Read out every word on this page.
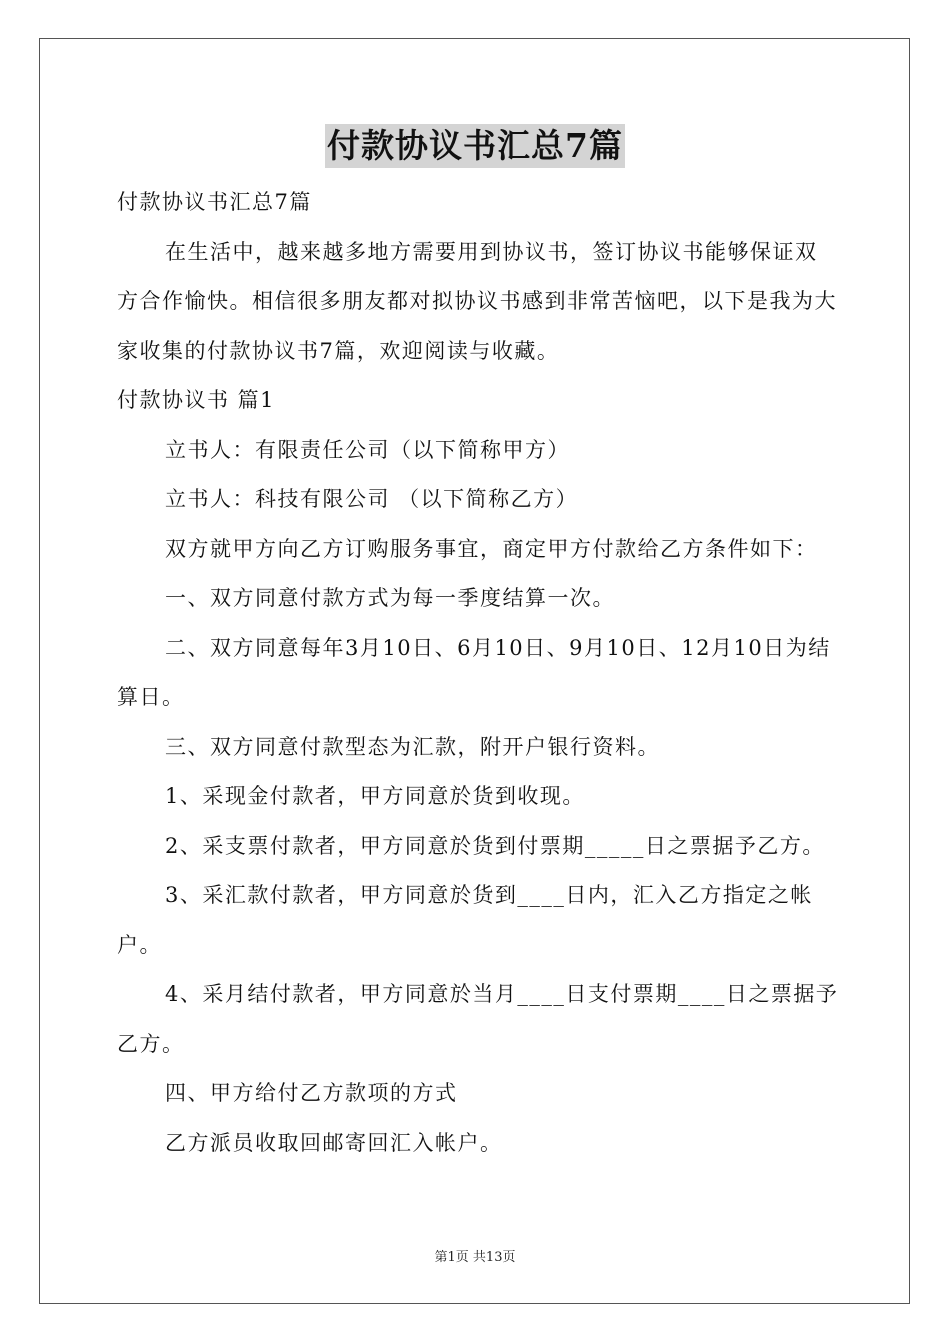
付款协议书汇总7篇

付款协议书汇总7篇

在生活中，越来越多地方需要用到协议书，签订协议书能够保证双方合作愉快。相信很多朋友都对拟协议书感到非常苦恼吧，以下是我为大家收集的付款协议书7篇，欢迎阅读与收藏。

付款协议书 篇1

立书人：有限责任公司（以下简称甲方）

立书人：科技有限公司 （以下简称乙方）

双方就甲方向乙方订购服务事宜，商定甲方付款给乙方条件如下：

一、双方同意付款方式为每一季度结算一次。

二、双方同意每年3月10日、6月10日、9月10日、12月10日为结算日。

三、双方同意付款型态为汇款，附开户银行资料。

1、采现金付款者，甲方同意於货到收现。

2、采支票付款者，甲方同意於货到付票期_____日之票据予乙方。

3、采汇款付款者，甲方同意於货到____日内，汇入乙方指定之帐户。

4、采月结付款者，甲方同意於当月____日支付票期____日之票据予乙方。

四、甲方给付乙方款项的方式

乙方派员收取回邮寄回汇入帐户。

第1页 共13页
